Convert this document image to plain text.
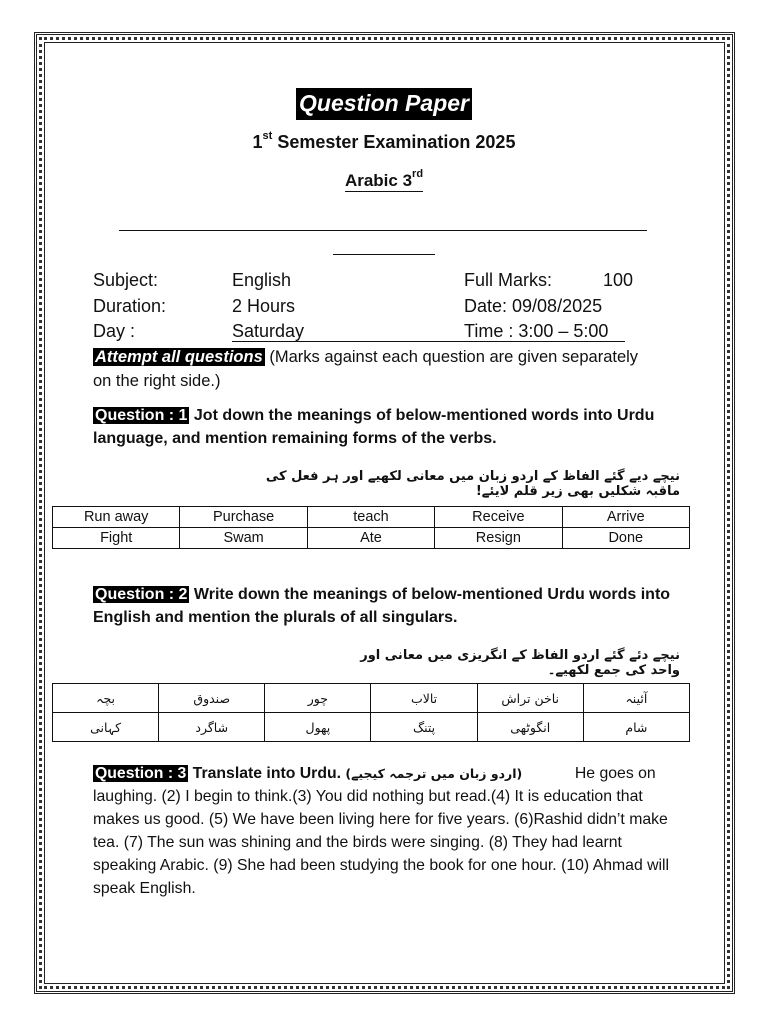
Question Paper
1st Semester Examination 2025
Arabic 3rd
Subject:	English	Full Marks:	100
Duration:	2 Hours	Date: 09/08/2025
Day :	Saturday	Time : 3:00 – 5:00
Attempt all questions (Marks against each question are given separately on the right side.)
Question : 1 Jot down the meanings of below-mentioned words into Urdu language, and mention remaining forms of the verbs.
نیچے دیے گئے الفاظ کے اردو زبان میں معانی لکھیے اور ہر فعل کی ماقبہ شکلیں بھی زیر قلم لایئے!
Run away	Purchase	teach	Receive	Arrive
Fight	Swam	Ate	Resign	Done
Question : 2 Write down the meanings of below-mentioned Urdu words into English and mention the plurals of all singulars.
نیچے دئے گئے اردو الفاظ کے انگریزی میں معانی اور واحد کی جمع لکھیے۔
بچہ	صندوق	چور	تالاب	ناخن تراش	آئینہ
کہانی	شاگرد	پھول	پتنگ	انگوٹھی	شام
Question : 3 Translate into Urdu. (اردو زبان میں ترجمہ کیجیے)            He goes on laughing. (2) I begin to think.(3) You did nothing but read.(4) It is education that makes us good. (5) We have been living here for five years. (6)Rashid didn’t make tea. (7) The sun was shining and the birds were singing. (8) They had learnt speaking Arabic. (9) She had been studying the book for one hour. (10) Ahmad will speak English.
